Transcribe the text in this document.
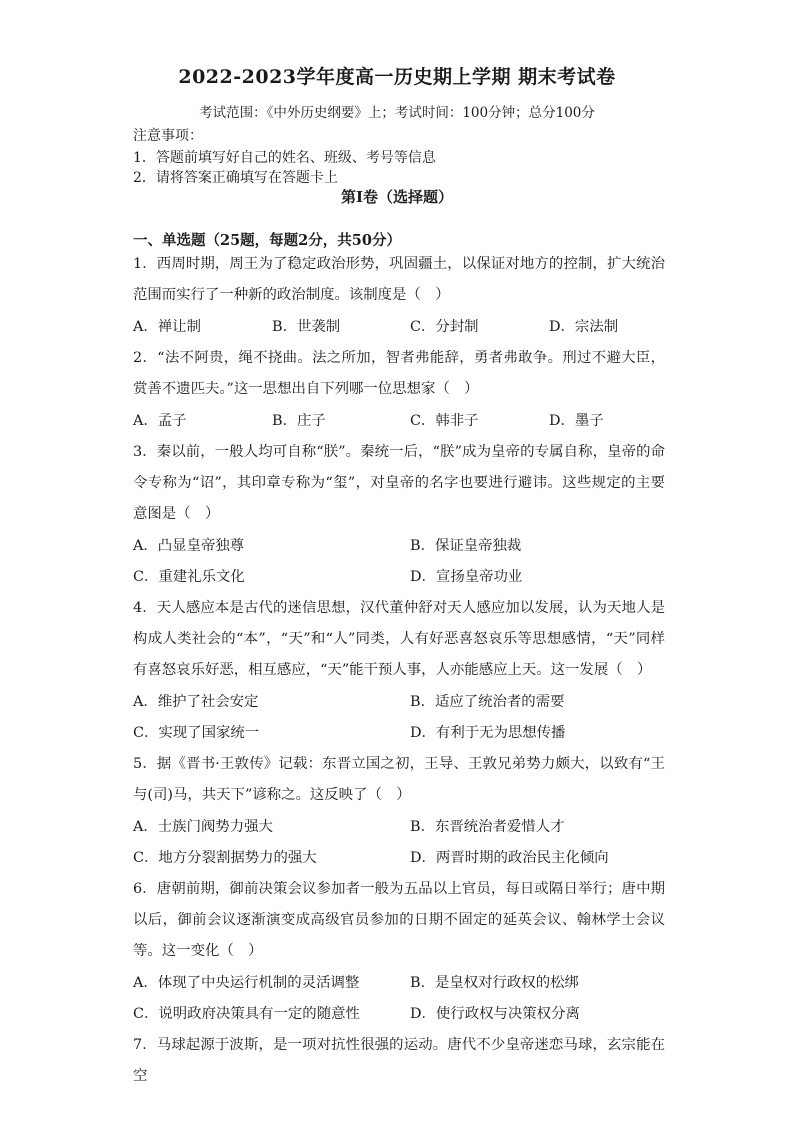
2022-2023学年度高一历史期上学期 期末考试卷
考试范围：《中外历史纲要》上；考试时间：100分钟；总分100分
注意事项：
1．答题前填写好自己的姓名、班级、考号等信息
2．请将答案正确填写在答题卡上
第I卷（选择题）
一、单选题（25题，每题2分，共50分）

1．西周时期，周王为了稳定政治形势，巩固疆土，以保证对地方的控制，扩大统治范围而实行了一种新的政治制度。该制度是（　）

A．禅让制	B．世袭制	C．分封制	D．宗法制

2．“法不阿贵，绳不挠曲。法之所加，智者弗能辞，勇者弗敢争。刑过不避大臣，赏善不遗匹夫。”这一思想出自下列哪一位思想家（　）

A．孟子	B．庄子	C．韩非子	D．墨子

3．秦以前，一般人均可自称“朕”。秦统一后，“朕”成为皇帝的专属自称，皇帝的命令专称为“诏”，其印章专称为“玺”，对皇帝的名字也要进行避讳。这些规定的主要意图是（　）

A．凸显皇帝独尊	B．保证皇帝独裁
C．重建礼乐文化	D．宣扬皇帝功业

4．天人感应本是古代的迷信思想，汉代董仲舒对天人感应加以发展，认为天地人是构成人类社会的“本”，“天”和“人”同类，人有好恶喜怒哀乐等思想感情，“天”同样有喜怒哀乐好恶，相互感应，“天”能干预人事，人亦能感应上天。这一发展（　）

A．维护了社会安定	B．适应了统治者的需要
C．实现了国家统一	D．有利于无为思想传播

5．据《晋书·王敦传》记载：东晋立国之初，王导、王敦兄弟势力颇大，以致有“王与(司)马，共天下”谚称之。这反映了（　）

A．士族门阀势力强大	B．东晋统治者爱惜人才
C．地方分裂割据势力的强大	D．两晋时期的政治民主化倾向

6．唐朝前期，御前决策会议参加者一般为五品以上官员，每日或隔日举行；唐中期以后，御前会议逐渐演变成高级官员参加的日期不固定的延英会议、翰林学士会议等。这一变化（　）

A．体现了中央运行机制的灵活调整	B．是皇权对行政权的松绑
C．说明政府决策具有一定的随意性	D．使行政权与决策权分离

7．马球起源于波斯，是一项对抗性很强的运动。唐代不少皇帝迷恋马球，玄宗能在空
